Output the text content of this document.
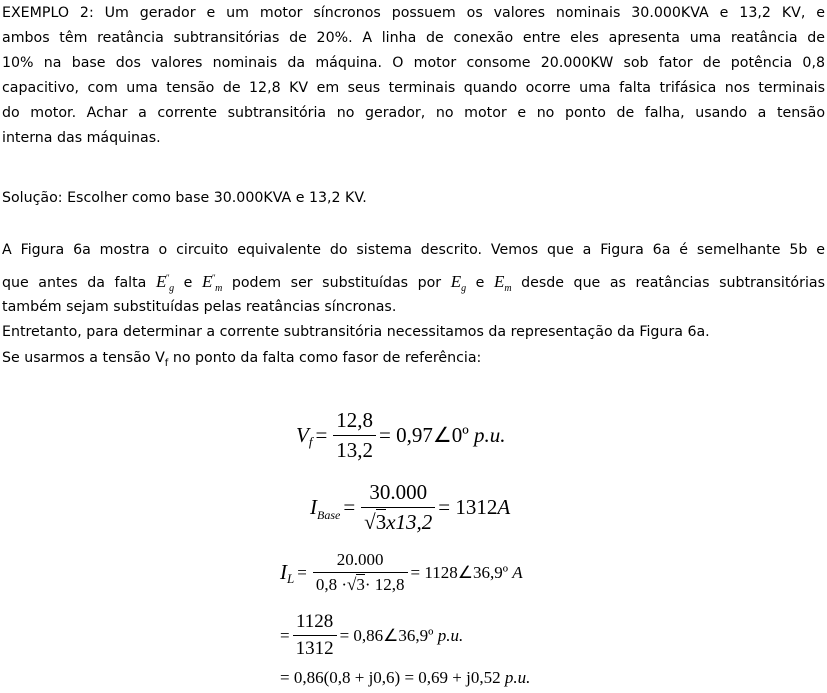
EXEMPLO 2: Um gerador e um motor síncronos possuem os valores nominais 30.000KVA e 13,2 KV, e
ambos têm reatância subtransitórias de 20%. A linha de conexão entre eles apresenta uma reatância de
10% na base dos valores nominais da máquina. O motor consome 20.000KW sob fator de potência 0,8
capacitivo, com uma tensão de 12,8 KV em seus terminais quando ocorre uma falta trifásica nos terminais
do motor. Achar a corrente subtransitória no gerador, no motor e no ponto de falha, usando a tensão
interna das máquinas.
Solução: Escolher como base 30.000KVA e 13,2 KV.
A Figura 6a mostra o circuito equivalente do sistema descrito. Vemos que a Figura 6a é semelhante 5b e
que antes da falta $E''_g$ e $E''_m$ podem ser substituídas por $E_g$ e $E_m$ desde que as reatâncias subtransitórias
também sejam substituídas pelas reatâncias síncronas.
Entretanto, para determinar a corrente subtransitória necessitamos da representação da Figura 6a.
Se usarmos a tensão $V_f$ no ponto da falta como fasor de referência:
V $f = \frac{12,8}{13,2}$ = 0,97∠0º
p.u.
I Base = $\frac{30.000}{√3x13,2} = 1312$ A
I $L = \frac{20.000}{0,8 \cdot√3\cdot 12,8}$ = 1128∠36,9º
A
= $\frac{1128}{1312}$ = 0,86∠36,9º
p.u.
= 0,86(0,8 + j0,6) = 0,69 + j0,52
p.u.
